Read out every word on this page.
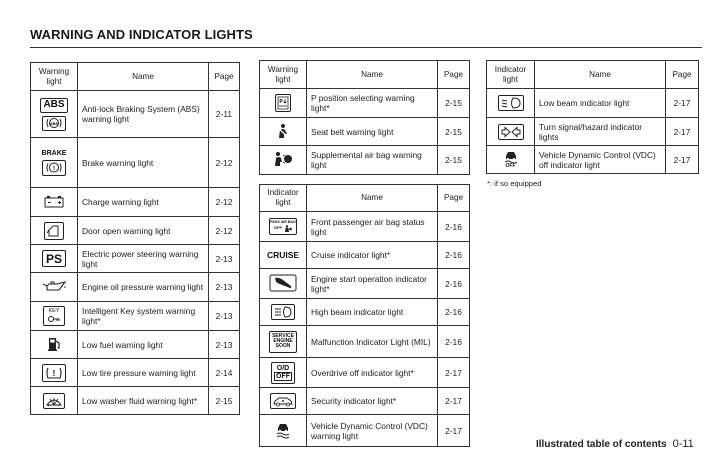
WARNING AND INDICATOR LIGHTS
Warning light	Name	Page

ABS
ABS	Anti-lock Braking System (ABS) warning light	2-11

BRAKE
!	Brake warning light	2-12
	Charge warning light	2-12

	Door open warning light	2-12
PS	Electric power steering warning light	2-13
	Engine oil pressure warning light	2-13

KEY	Intelligent Key system warning light*	2-13
	Low fuel warning light	2-13

!	Low tire pressure warning light	2-14

	Low washer fluid warning light*	2-15
Warning light	Name	Page

P	P position selecting warning light*	2-15
	Seat belt warning light	2-15
	Supplemental air bag warning light	2-15
Indicator light	Name	Page

PASS AIR BAG
OFF	Front passenger air bag status light	2-16
CRUISE	Cruise indicator light*	2-16
	Engine start operation indicator light*	2-16

	High beam indicator light	2-16

SERVICE
ENGINE
SOON	Malfunction Indicator Light (MIL)	2-16

O/D
OFF	Overdrive off indicator light*	2-17

	Security indicator light*	2-17
	Vehicle Dynamic Control (VDC) warning light	2-17
Indicator light	Name	Page

	Low beam indicator light	2-17

	Turn signal/hazard indicator lights	2-17

OFF	Vehicle Dynamic Control (VDC) off indicator light	2-17
*: if so equipped
Illustrated table of contents 0-11
